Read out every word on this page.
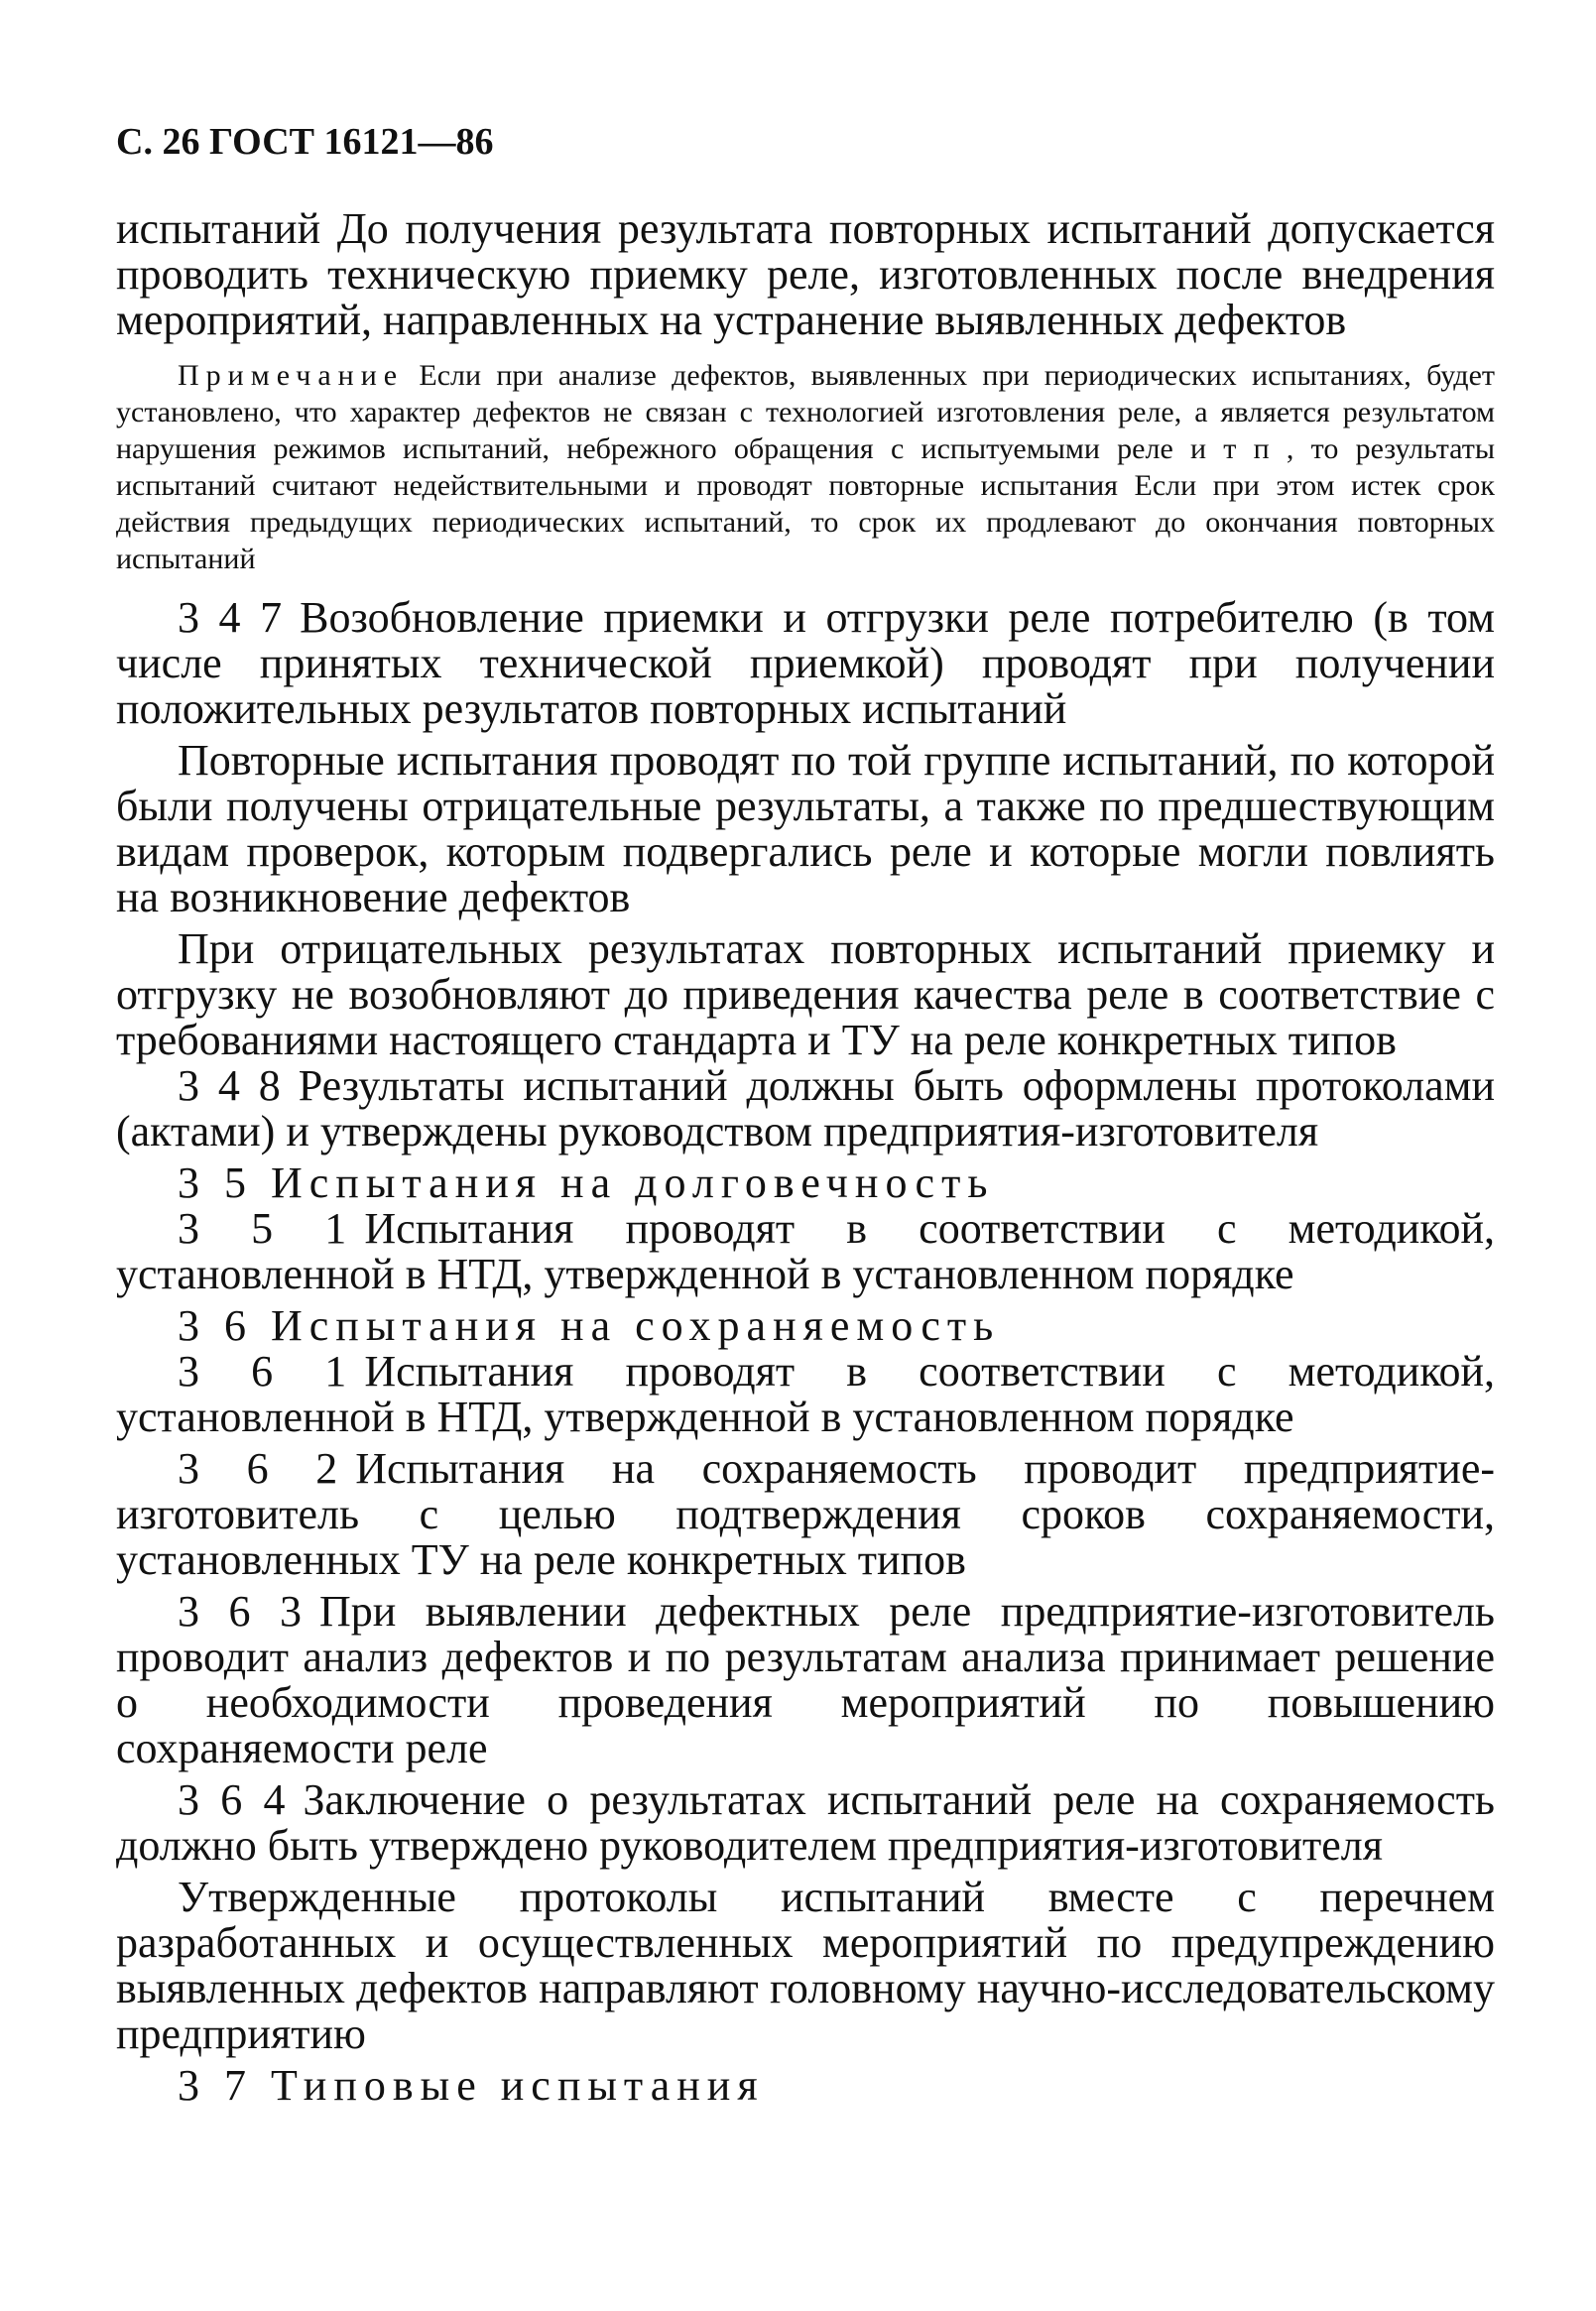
С. 26 ГОСТ 16121—86

испытаний До получения результата повторных испытаний допускается проводить техническую приемку реле, изготовленных после внедрения мероприятий, направленных на устранение выявленных дефектов

Примечание Если при анализе дефектов, выявленных при периодических испытаниях, будет установлено, что характер дефектов не связан с технологией изготовления реле, а является результатом нарушения режимов испытаний, небрежного обращения с испытуемыми реле и т п , то результаты испытаний считают недействительными и проводят повторные испытания Если при этом истек срок действия предыдущих периодических испытаний, то срок их продлевают до окончания повторных испытаний

3 4 7 Возобновление приемки и отгрузки реле потребителю (в том числе принятых технической приемкой) проводят при получении положительных результатов повторных испытаний

Повторные испытания проводят по той группе испытаний, по которой были получены отрицательные результаты, а также по предшествующим видам проверок, которым подвергались реле и которые могли повлиять на возникновение дефектов

При отрицательных результатах повторных испытаний приемку и отгрузку не возобновляют до приведения качества реле в соответствие с требованиями настоящего стандарта и ТУ на реле конкретных типов

3 4 8 Результаты испытаний должны быть оформлены протоколами (актами) и утверждены руководством предприятия-изготовителя

3 5 Испытания на долговечность

3 5 1 Испытания проводят в соответствии с методикой, установленной в НТД, утвержденной в установленном порядке

3 6 Испытания на сохраняемость

3 6 1 Испытания проводят в соответствии с методикой, установленной в НТД, утвержденной в установленном порядке

3 6 2 Испытания на сохраняемость проводит предприятие-изготовитель с целью подтверждения сроков сохраняемости, установленных ТУ на реле конкретных типов

3 6 3 При выявлении дефектных реле предприятие-изготовитель проводит анализ дефектов и по результатам анализа принимает решение о необходимости проведения мероприятий по повышению сохраняемости реле

3 6 4 Заключение о результатах испытаний реле на сохраняемость должно быть утверждено руководителем предприятия-изготовителя

Утвержденные протоколы испытаний вместе с перечнем разработанных и осуществленных мероприятий по предупреждению выявленных дефектов направляют головному научно-исследовательскому предприятию

3 7 Типовые испытания
